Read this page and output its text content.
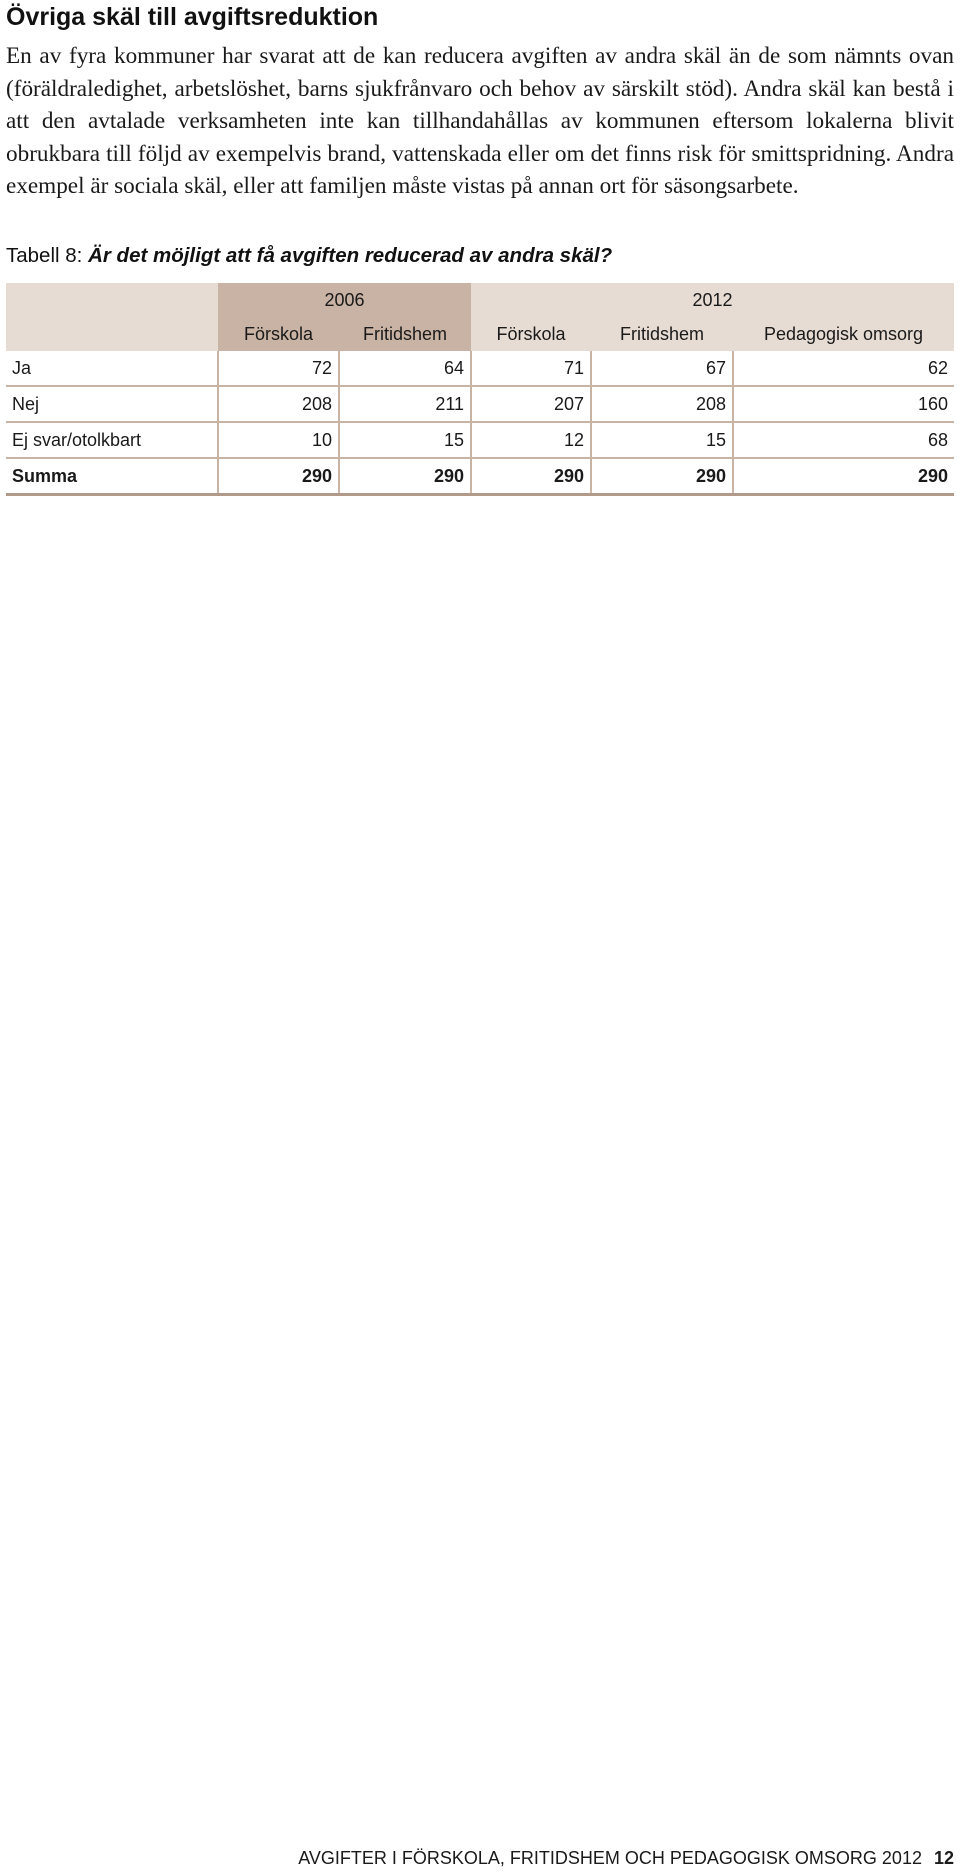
Övriga skäl till avgiftsreduktion

En av fyra kommuner har svarat att de kan reducera avgiften av andra skäl än de som nämnts ovan (föräldraledighet, arbetslöshet, barns sjukfrånvaro och behov av särskilt stöd). Andra skäl kan bestå i att den avtalade verksamheten inte kan tillhandahållas av kommunen eftersom lokalerna blivit obrukbara till följd av exempelvis brand, vattenskada eller om det finns risk för smittspridning. Andra exempel är sociala skäl, eller att familjen måste vistas på annan ort för säsongsarbete.

Tabell 8: Är det möjligt att få avgiften reducerad av andra skäl?
	2006		2012		
	Förskola	Fritidshem	Förskola	Fritidshem	Pedagogisk omsorg
Ja	72	64	71	67	62
Nej	208	211	207	208	160
Ej svar/otolkbart	10	15	12	15	68
Summa	290	290	290	290	290
AVGIFTER I FÖRSKOLA, FRITIDSHEM OCH PEDAGOGISK OMSORG 2012 12
